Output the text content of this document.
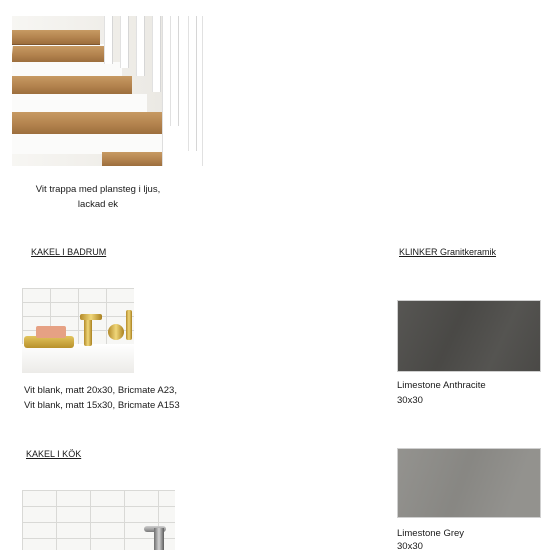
Vit trappa med plansteg i ljus,
lackad ek
KAKEL I BADRUM
Vit blank, matt 20x30, Bricmate A23,
Vit blank, matt 15x30, Bricmate A153
KAKEL I KÖK
KLINKER Granitkeramik
Limestone Anthracite
30x30
Limestone Grey
30x30
